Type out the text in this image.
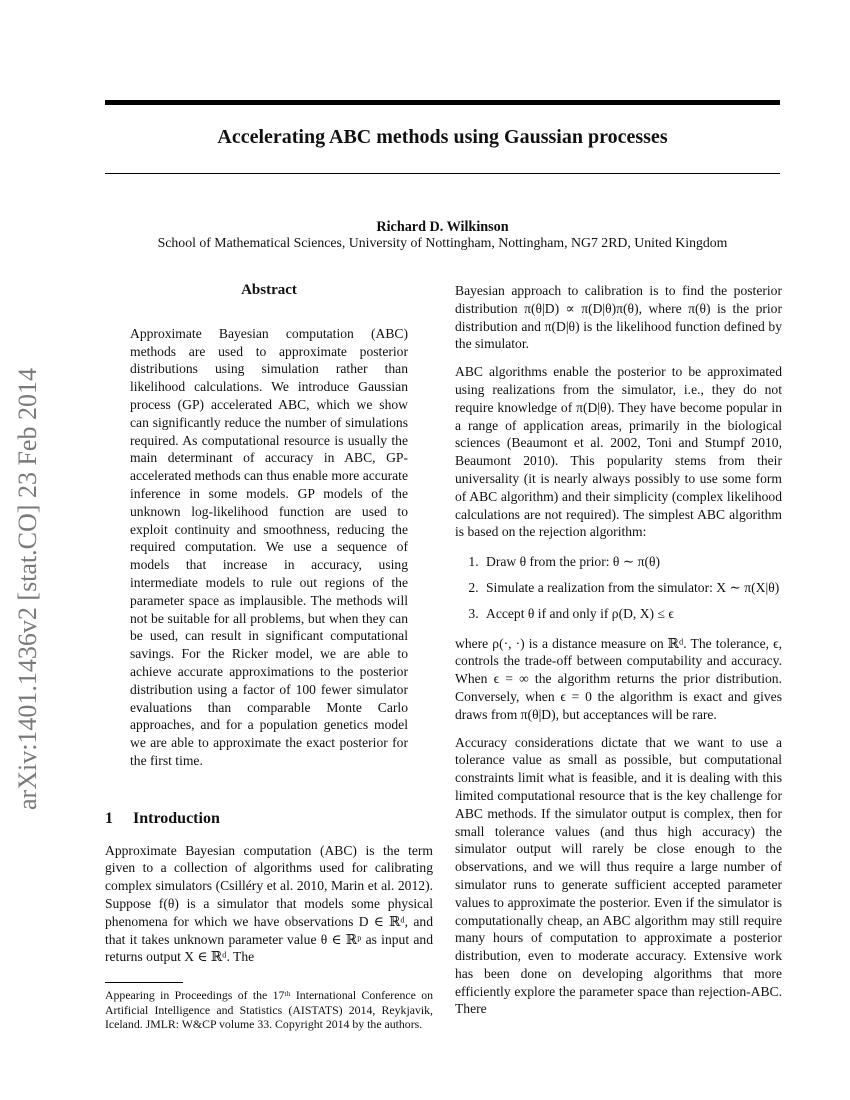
arXiv:1401.1436v2 [stat.CO] 23 Feb 2014
Accelerating ABC methods using Gaussian processes
Richard D. Wilkinson
School of Mathematical Sciences, University of Nottingham, Nottingham, NG7 2RD, United Kingdom

Abstract

Approximate Bayesian computation (ABC) methods are used to approximate posterior distributions using simulation rather than likelihood calculations. We introduce Gaussian process (GP) accelerated ABC, which we show can significantly reduce the number of simulations required. As computational resource is usually the main determinant of accuracy in ABC, GP-accelerated methods can thus enable more accurate inference in some models. GP models of the unknown log-likelihood function are used to exploit continuity and smoothness, reducing the required computation. We use a sequence of models that increase in accuracy, using intermediate models to rule out regions of the parameter space as implausible. The methods will not be suitable for all problems, but when they can be used, can result in significant computational savings. For the Ricker model, we are able to achieve accurate approximations to the posterior distribution using a factor of 100 fewer simulator evaluations than comparable Monte Carlo approaches, and for a population genetics model we are able to approximate the exact posterior for the first time.

1 Introduction

Approximate Bayesian computation (ABC) is the term given to a collection of algorithms used for calibrating complex simulators (Csilléry et al. 2010, Marin et al. 2012). Suppose f(θ) is a simulator that models some physical phenomena for which we have observations D ∈ ℝᵈ, and that it takes unknown parameter value θ ∈ ℝᵖ as input and returns output X ∈ ℝᵈ. The

Appearing in Proceedings of the 17ᵗʰ International Conference on Artificial Intelligence and Statistics (AISTATS) 2014, Reykjavik, Iceland. JMLR: W&CP volume 33. Copyright 2014 by the authors.

Bayesian approach to calibration is to find the posterior distribution π(θ|D) ∝ π(D|θ)π(θ), where π(θ) is the prior distribution and π(D|θ) is the likelihood function defined by the simulator.

ABC algorithms enable the posterior to be approximated using realizations from the simulator, i.e., they do not require knowledge of π(D|θ). They have become popular in a range of application areas, primarily in the biological sciences (Beaumont et al. 2002, Toni and Stumpf 2010, Beaumont 2010). This popularity stems from their universality (it is nearly always possibly to use some form of ABC algorithm) and their simplicity (complex likelihood calculations are not required). The simplest ABC algorithm is based on the rejection algorithm:

1. Draw θ from the prior: θ ∼ π(θ)
2. Simulate a realization from the simulator: X ∼ π(X|θ)
3. Accept θ if and only if ρ(D, X) ≤ ϵ

where ρ(·, ·) is a distance measure on ℝᵈ. The tolerance, ϵ, controls the trade-off between computability and accuracy. When ϵ = ∞ the algorithm returns the prior distribution. Conversely, when ϵ = 0 the algorithm is exact and gives draws from π(θ|D), but acceptances will be rare.

Accuracy considerations dictate that we want to use a tolerance value as small as possible, but computational constraints limit what is feasible, and it is dealing with this limited computational resource that is the key challenge for ABC methods. If the simulator output is complex, then for small tolerance values (and thus high accuracy) the simulator output will rarely be close enough to the observations, and we will thus require a large number of simulator runs to generate sufficient accepted parameter values to approximate the posterior. Even if the simulator is computationally cheap, an ABC algorithm may still require many hours of computation to approximate a posterior distribution, even to moderate accuracy. Extensive work has been done on developing algorithms that more efficiently explore the parameter space than rejection-ABC. There
